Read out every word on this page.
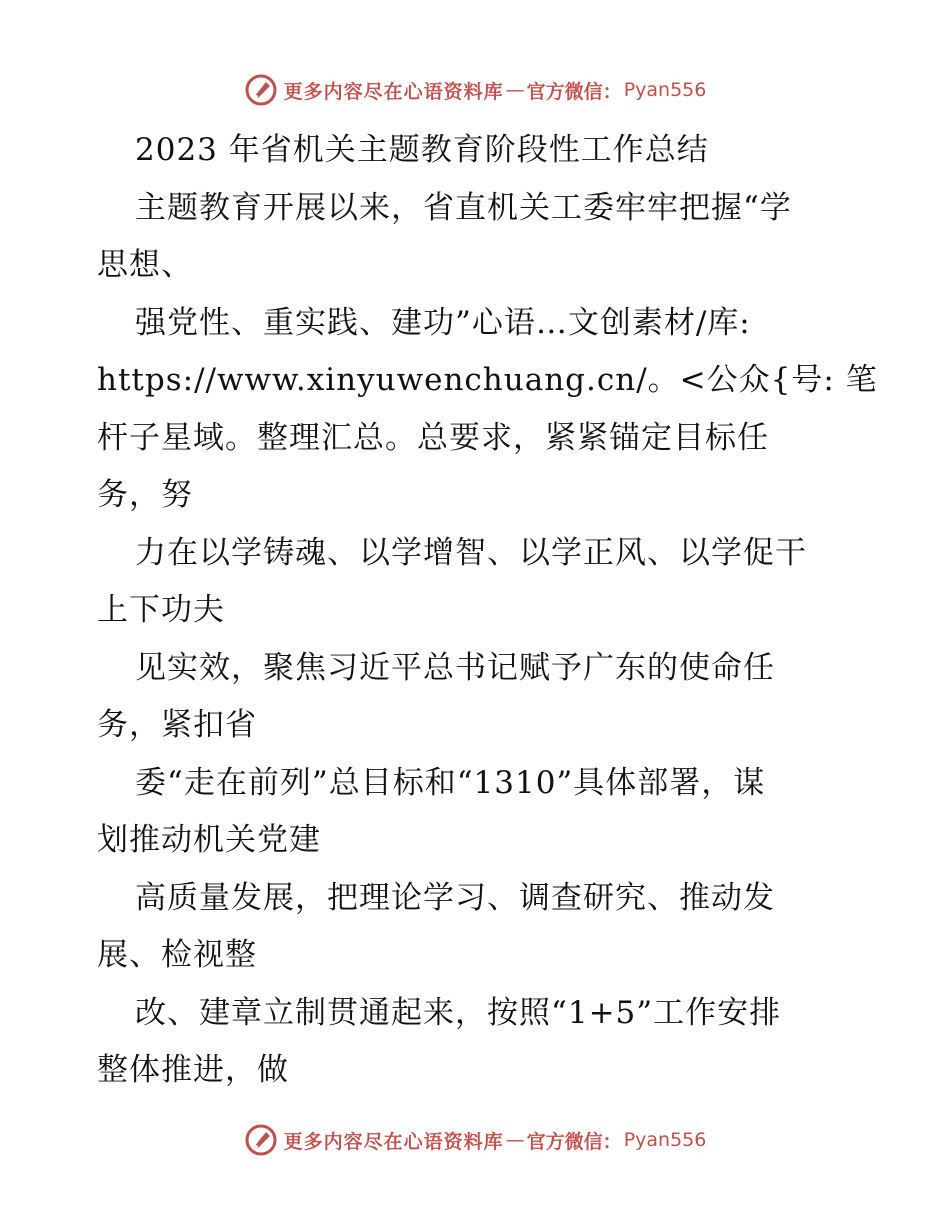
更多内容尽在心语资料库 — 官方微信： Pyan556
2023 年省机关主题教育阶段性工作总结
主题教育开展以来，省直机关工委牢牢把握“学
思想、
强党性、重实践、建功”心语…文创素材/库:
https://www.xinyuwenchuang.cn/。<公众{号: 笔
杆子星域。整理汇总。总要求，紧紧锚定目标任
务，努
力在以学铸魂、以学增智、以学正风、以学促干
上下功夫
见实效，聚焦习近平总书记赋予广东的使命任
务，紧扣省
委“走在前列”总目标和“1310”具体部署，谋
划推动机关党建
高质量发展，把理论学习、调查研究、推动发
展、检视整
改、建章立制贯通起来，按照“1+5”工作安排
整体推进，做
更多内容尽在心语资料库 — 官方微信： Pyan556
